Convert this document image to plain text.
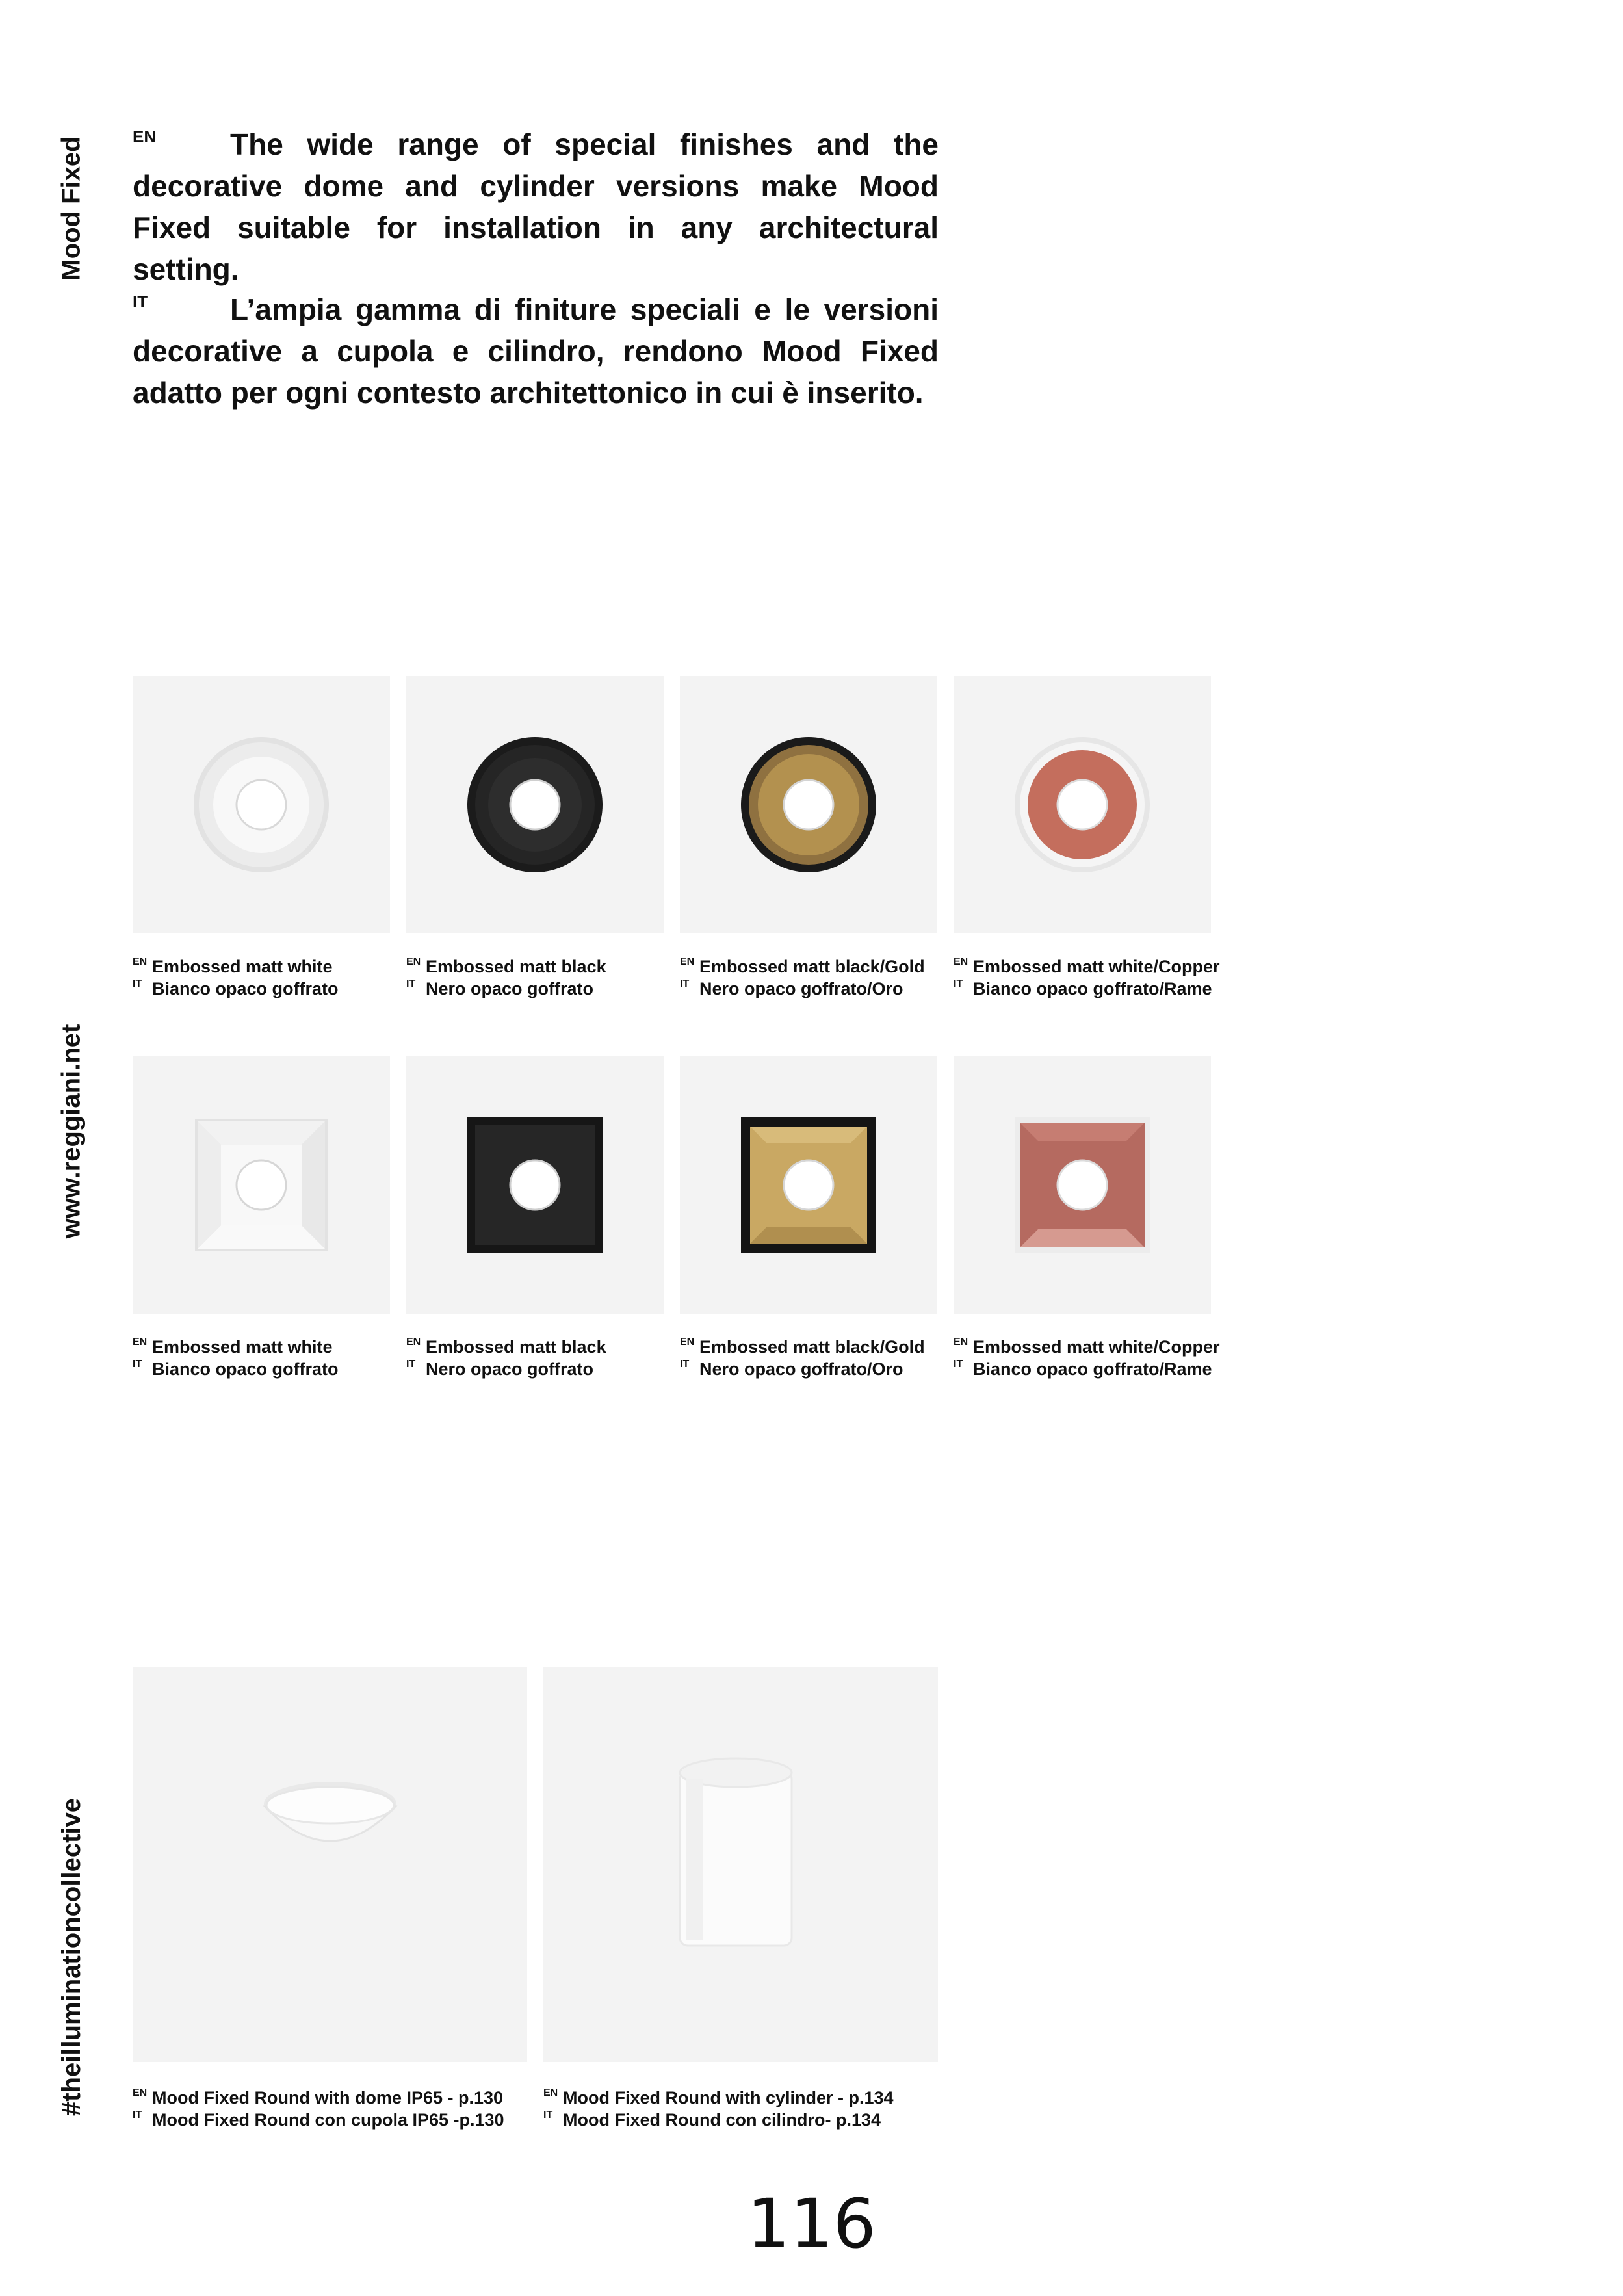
Mood Fixed
www.reggiani.net
#theilluminationcollective
EN The wide range of special finishes and the decorative dome and cylinder versions make Mood Fixed suitable for installation in any architectural setting.
IT	L’ampia gamma di finiture speciali e le versioni decorative a cupola e cilindro, rendono Mood Fixed adatto per ogni contesto architettonico in cui è inserito.
EN Embossed matt white
IT Bianco opaco goffrato
EN Embossed matt black
IT Nero opaco goffrato
EN Embossed matt black/Gold
IT Nero opaco goffrato/Oro
EN Embossed matt white/Copper
IT Bianco opaco goffrato/Rame
EN Embossed matt white
IT Bianco opaco goffrato
EN Embossed matt black
IT Nero opaco goffrato
EN Embossed matt black/Gold
IT Nero opaco goffrato/Oro
EN Embossed matt white/Copper
IT Bianco opaco goffrato/Rame
EN Mood Fixed Round with dome IP65 - p.130
IT Mood Fixed Round con cupola IP65 -p.130
EN Mood Fixed Round with cylinder - p.134
IT Mood Fixed Round con cilindro- p.134
116
